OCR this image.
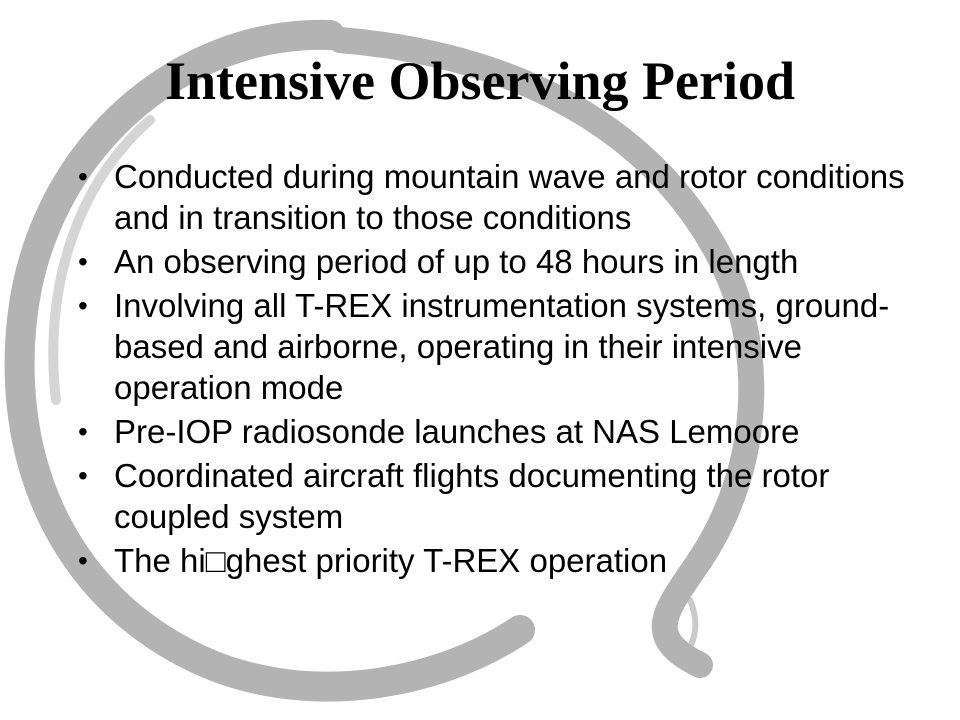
Intensive Observing Period
• Conducted during mountain wave and rotor conditions and in transition to those conditions
• An observing period of up to 48 hours in length
• Involving all T-REX instrumentation systems, ground-based and airborne, operating in their intensive operation mode
• Pre-IOP radiosonde launches at NAS Lemoore
• Coordinated aircraft flights documenting the rotor coupled system
• The hi□ghest priority T-REX operation
